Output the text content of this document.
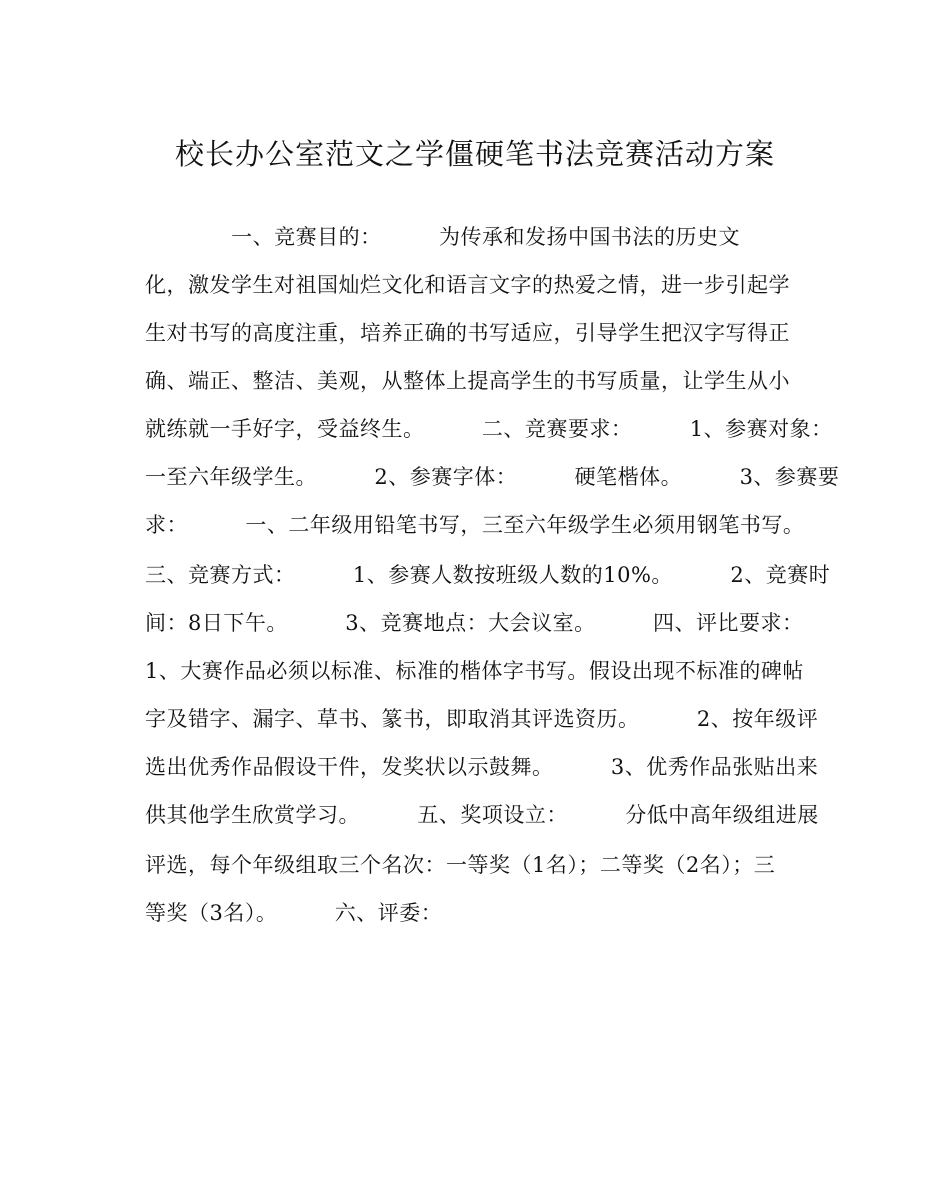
校长办公室范文之学僵硬笔书法竞赛活动方案
一、竞赛目的：        为传承和发扬中国书法的历史文
化，激发学生对祖国灿烂文化和语言文字的热爱之情，进一步引起学
生对书写的高度注重，培养正确的书写适应，引导学生把汉字写得正
确、端正、整洁、美观，从整体上提高学生的书写质量，让学生从小
就练就一手好字，受益终生。        二、竞赛要求：        1、参赛对象：
一至六年级学生。        2、参赛字体：        硬笔楷体。        3、参赛要
求：        一、二年级用铅笔书写，三至六年级学生必须用钢笔书写。
三、竞赛方式：        1、参赛人数按班级人数的10%。        2、竞赛时
间：8日下午。        3、竞赛地点：大会议室。        四、评比要求：
1、大赛作品必须以标准、标准的楷体字书写。假设出现不标准的碑帖
字及错字、漏字、草书、篆书，即取消其评选资历。        2、按年级评
选出优秀作品假设干件，发奖状以示鼓舞。        3、优秀作品张贴出来
供其他学生欣赏学习。        五、奖项设立：        分低中高年级组进展
评选，每个年级组取三个名次：一等奖（1名）；二等奖（2名）；三
等奖（3名）。        六、评委：
